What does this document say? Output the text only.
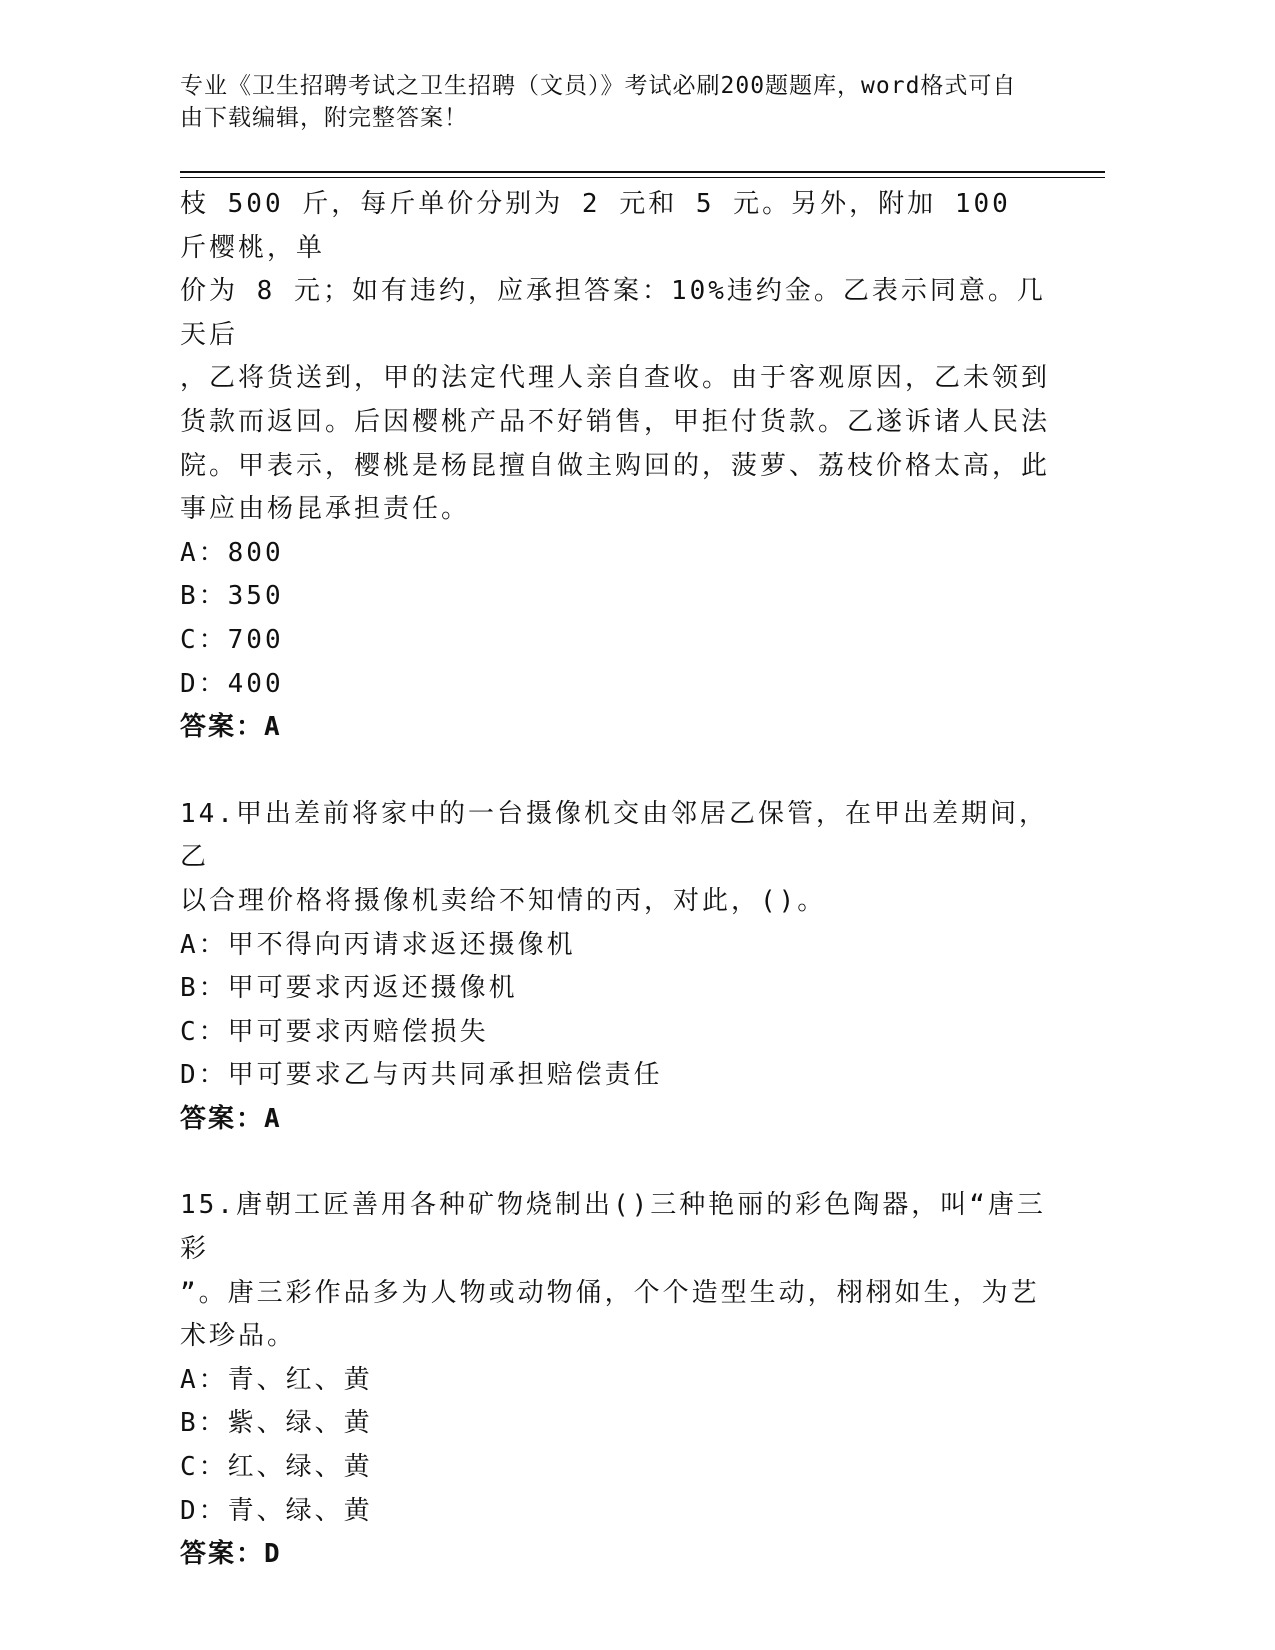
专业《卫生招聘考试之卫生招聘（文员）》考试必刷200题题库，word格式可自由下载编辑，附完整答案！

枝 500 斤，每斤单价分别为 2 元和 5 元。另外，附加 100 斤樱桃，单

价为 8 元；如有违约，应承担答案：10%违约金。乙表示同意。几天后

，乙将货送到，甲的法定代理人亲自查收。由于客观原因，乙未领到

货款而返回。后因樱桃产品不好销售，甲拒付货款。乙遂诉诸人民法

院。甲表示，樱桃是杨昆擅自做主购回的，菠萝、荔枝价格太高，此

事应由杨昆承担责任。

A：800

B：350

C：700

D：400

答案：A

14.甲出差前将家中的一台摄像机交由邻居乙保管，在甲出差期间，乙

以合理价格将摄像机卖给不知情的丙，对此，()。

A：甲不得向丙请求返还摄像机

B：甲可要求丙返还摄像机

C：甲可要求丙赔偿损失

D：甲可要求乙与丙共同承担赔偿责任

答案：A

15.唐朝工匠善用各种矿物烧制出()三种艳丽的彩色陶器，叫“唐三彩

”。唐三彩作品多为人物或动物俑，个个造型生动，栩栩如生，为艺

术珍品。

A：青、红、黄

B：紫、绿、黄

C：红、绿、黄

D：青、绿、黄

答案：D
